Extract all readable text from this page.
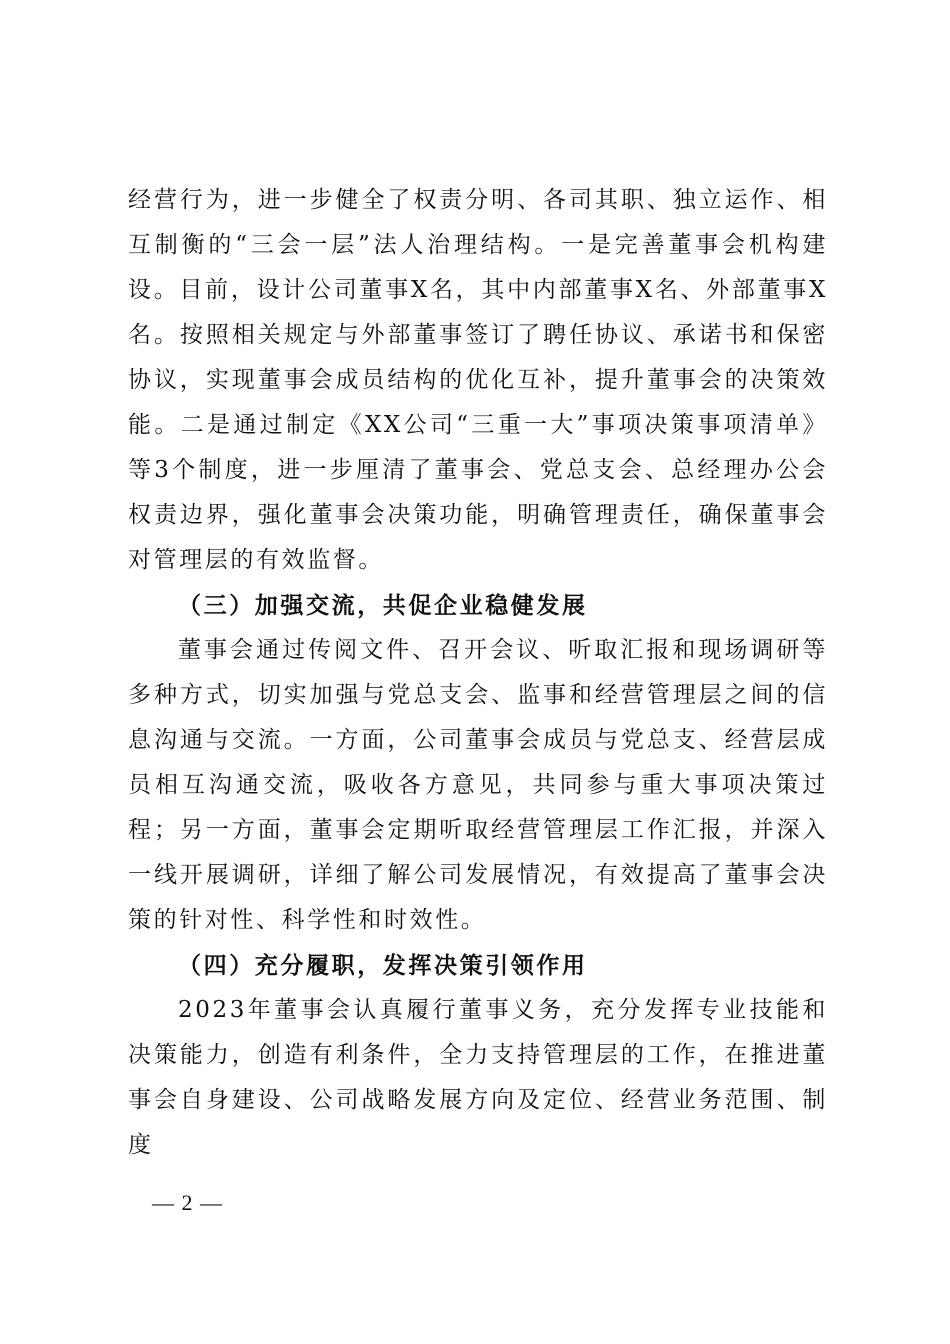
经营行为，进一步健全了权责分明、各司其职、独立运作、相互制衡的“三会一层”法人治理结构。一是完善董事会机构建设。目前，设计公司董事X名，其中内部董事X名、外部董事X名。按照相关规定与外部董事签订了聘任协议、承诺书和保密协议，实现董事会成员结构的优化互补，提升董事会的决策效能。二是通过制定《XX公司“三重一大”事项决策事项清单》等3个制度，进一步厘清了董事会、党总支会、总经理办公会权责边界，强化董事会决策功能，明确管理责任，确保董事会对管理层的有效监督。

（三）加强交流，共促企业稳健发展

董事会通过传阅文件、召开会议、听取汇报和现场调研等多种方式，切实加强与党总支会、监事和经营管理层之间的信息沟通与交流。一方面，公司董事会成员与党总支、经营层成员相互沟通交流，吸收各方意见，共同参与重大事项决策过程；另一方面，董事会定期听取经营管理层工作汇报，并深入一线开展调研，详细了解公司发展情况，有效提高了董事会决策的针对性、科学性和时效性。

（四）充分履职，发挥决策引领作用

2023年董事会认真履行董事义务，充分发挥专业技能和决策能力，创造有利条件，全力支持管理层的工作，在推进董事会自身建设、公司战略发展方向及定位、经营业务范围、制度

— 2 —
